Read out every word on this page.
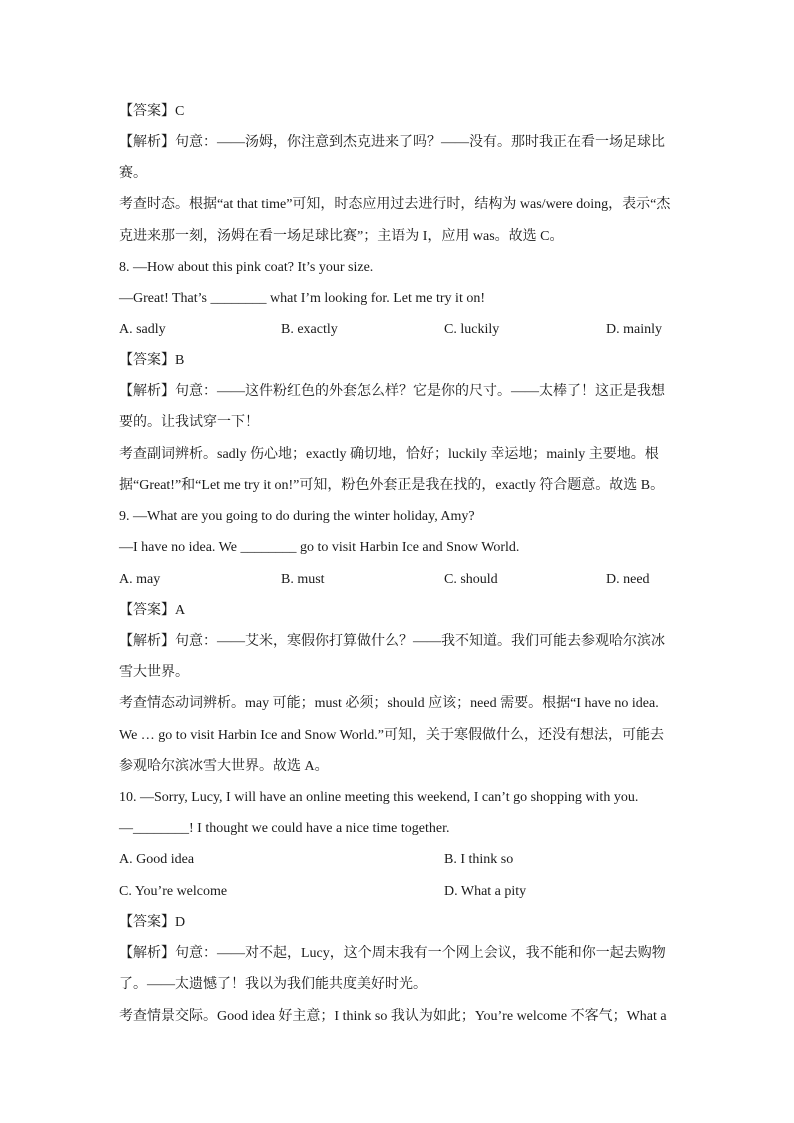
【答案】C
【解析】句意：——汤姆，你注意到杰克进来了吗？——没有。那时我正在看一场足球比
赛。
考查时态。根据“at that time”可知，时态应用过去进行时，结构为 was/were doing，表示“杰
克进来那一刻，汤姆在看一场足球比赛”；主语为 I，应用 was。故选 C。
8. —How about this pink coat? It’s your size.
—Great! That’s ________ what I’m looking for. Let me try it on!
A. sadly	B. exactly	C. luckily	D. mainly
【答案】B
【解析】句意：——这件粉红色的外套怎么样？它是你的尺寸。——太棒了！这正是我想
要的。让我试穿一下！
考查副词辨析。sadly 伤心地；exactly 确切地，恰好；luckily 幸运地；mainly 主要地。根
据“Great!”和“Let me try it on!”可知，粉色外套正是我在找的，exactly 符合题意。故选 B。
9. —What are you going to do during the winter holiday, Amy?
—I have no idea. We ________ go to visit Harbin Ice and Snow World.
A. may	B. must	C. should	D. need
【答案】A
【解析】句意：——艾米，寒假你打算做什么？——我不知道。我们可能去参观哈尔滨冰
雪大世界。
考查情态动词辨析。may 可能；must 必须；should 应该；need 需要。根据“I have no idea.
We … go to visit Harbin Ice and Snow World.”可知，关于寒假做什么，还没有想法，可能去
参观哈尔滨冰雪大世界。故选 A。
10. —Sorry, Lucy, I will have an online meeting this weekend, I can’t go shopping with you.
—________! I thought we could have a nice time together.
A. Good idea	B. I think so
C. You’re welcome	D. What a pity
【答案】D
【解析】句意：——对不起，Lucy，这个周末我有一个网上会议，我不能和你一起去购物
了。——太遗憾了！我以为我们能共度美好时光。
考查情景交际。Good idea 好主意；I think so 我认为如此；You’re welcome 不客气；What a
